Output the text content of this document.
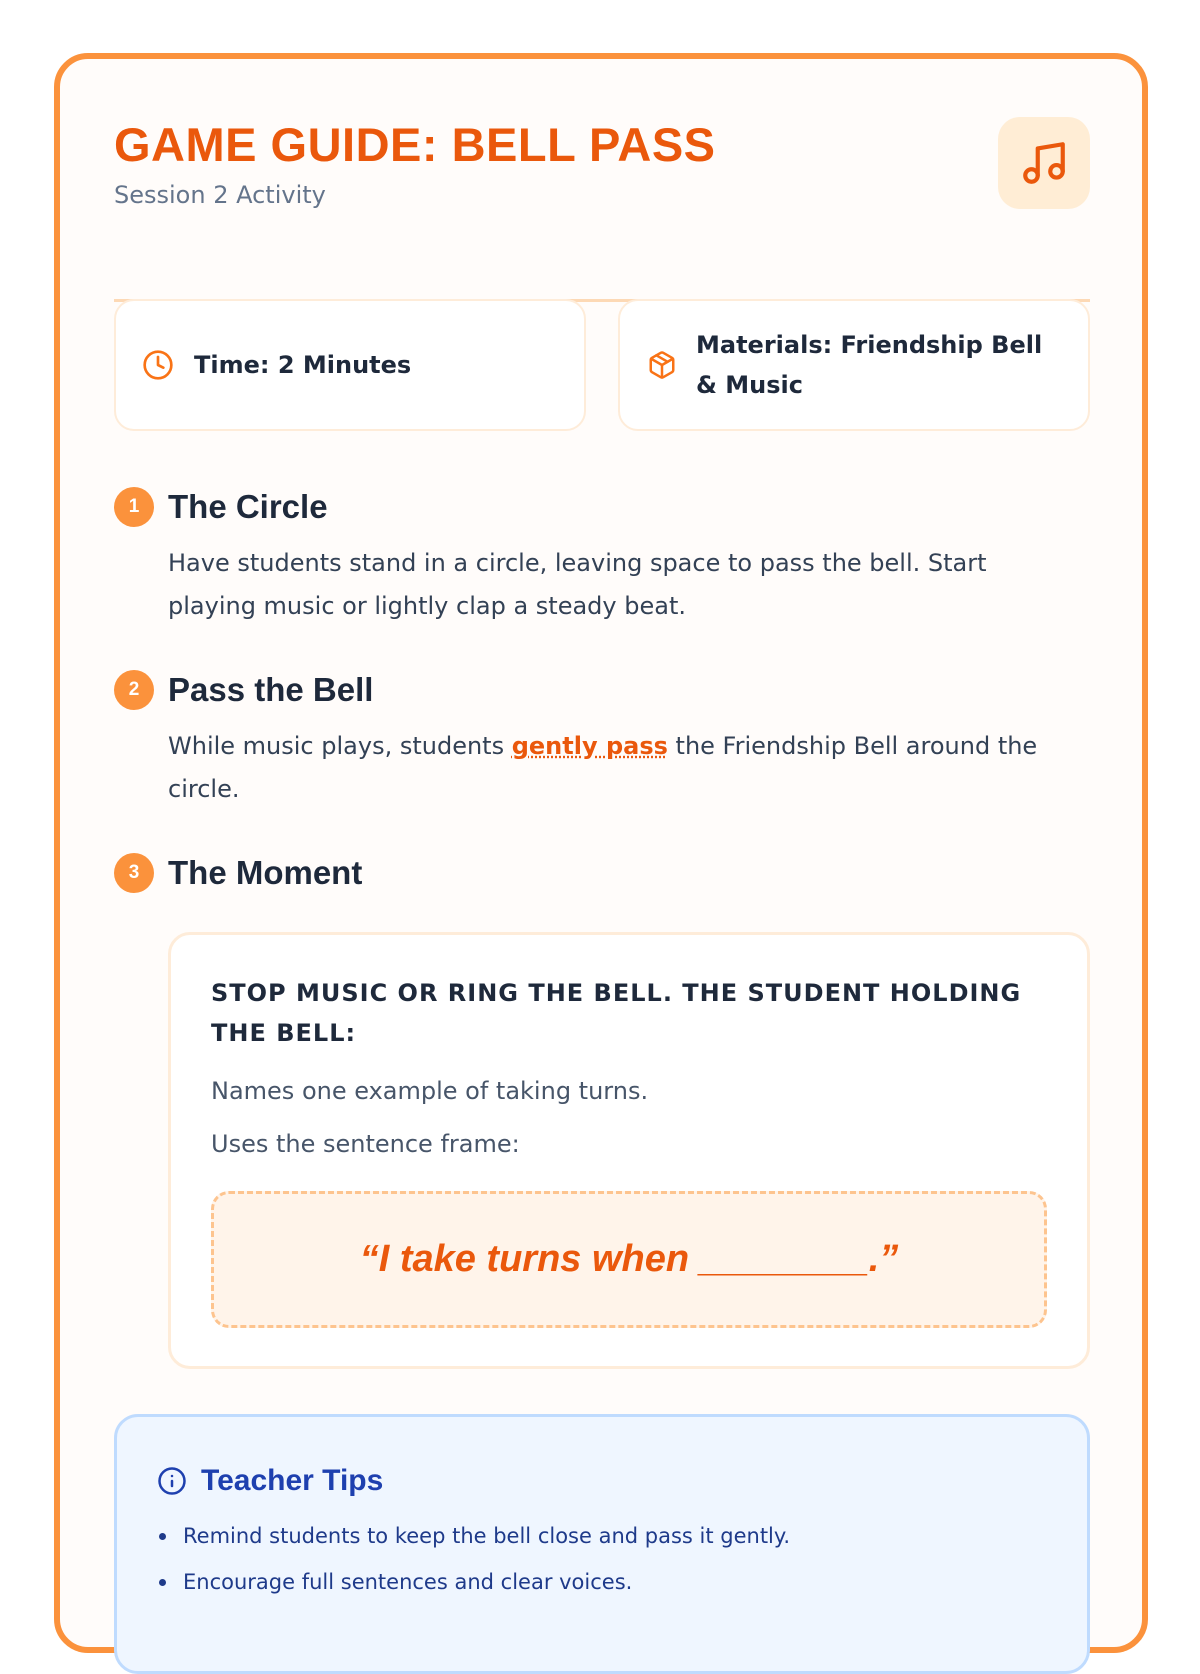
GAME GUIDE: BELL PASS
Session 2 Activity
Time: 2 Minutes
Materials: Friendship Bell & Music
1 The Circle
Have students stand in a circle, leaving space to pass the bell. Start playing music or lightly clap a steady beat.
2 Pass the Bell
While music plays, students gently pass the Friendship Bell around the circle.
3 The Moment
STOP MUSIC OR RING THE BELL. THE STUDENT HOLDING THE BELL:
Names one example of taking turns.
Uses the sentence frame:
“I take turns when ________.”
Teacher Tips
Remind students to keep the bell close and pass it gently.
Encourage full sentences and clear voices.
